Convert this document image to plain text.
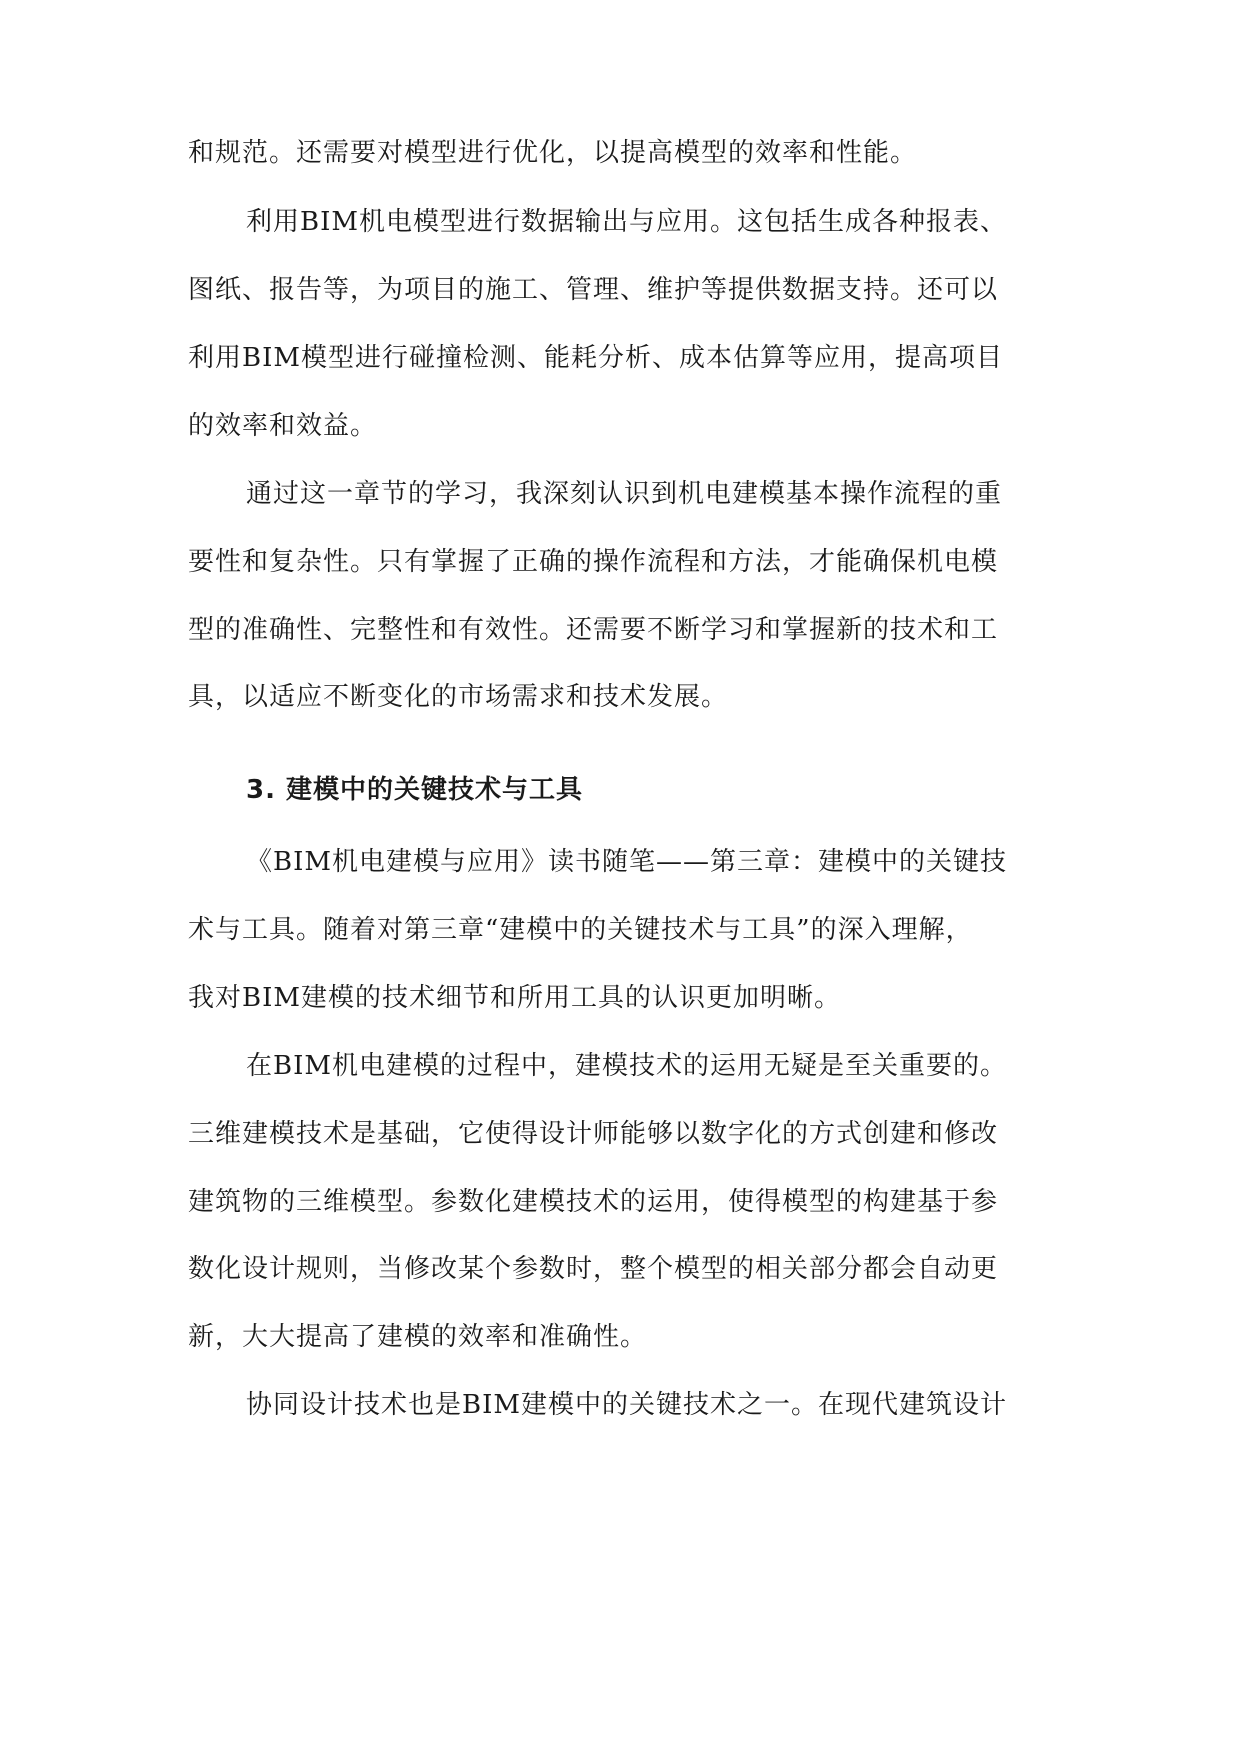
和规范。还需要对模型进行优化，以提高模型的效率和性能。
利用BIM机电模型进行数据输出与应用。这包括生成各种报表、
图纸、报告等，为项目的施工、管理、维护等提供数据支持。还可以
利用BIM模型进行碰撞检测、能耗分析、成本估算等应用，提高项目
的效率和效益。
通过这一章节的学习，我深刻认识到机电建模基本操作流程的重
要性和复杂性。只有掌握了正确的操作流程和方法，才能确保机电模
型的准确性、完整性和有效性。还需要不断学习和掌握新的技术和工
具，以适应不断变化的市场需求和技术发展。
3. 建模中的关键技术与工具
《BIM机电建模与应用》读书随笔——第三章：建模中的关键技
术与工具。随着对第三章“建模中的关键技术与工具”的深入理解，
我对BIM建模的技术细节和所用工具的认识更加明晰。
在BIM机电建模的过程中，建模技术的运用无疑是至关重要的。
三维建模技术是基础，它使得设计师能够以数字化的方式创建和修改
建筑物的三维模型。参数化建模技术的运用，使得模型的构建基于参
数化设计规则，当修改某个参数时，整个模型的相关部分都会自动更
新，大大提高了建模的效率和准确性。
协同设计技术也是BIM建模中的关键技术之一。在现代建筑设计
